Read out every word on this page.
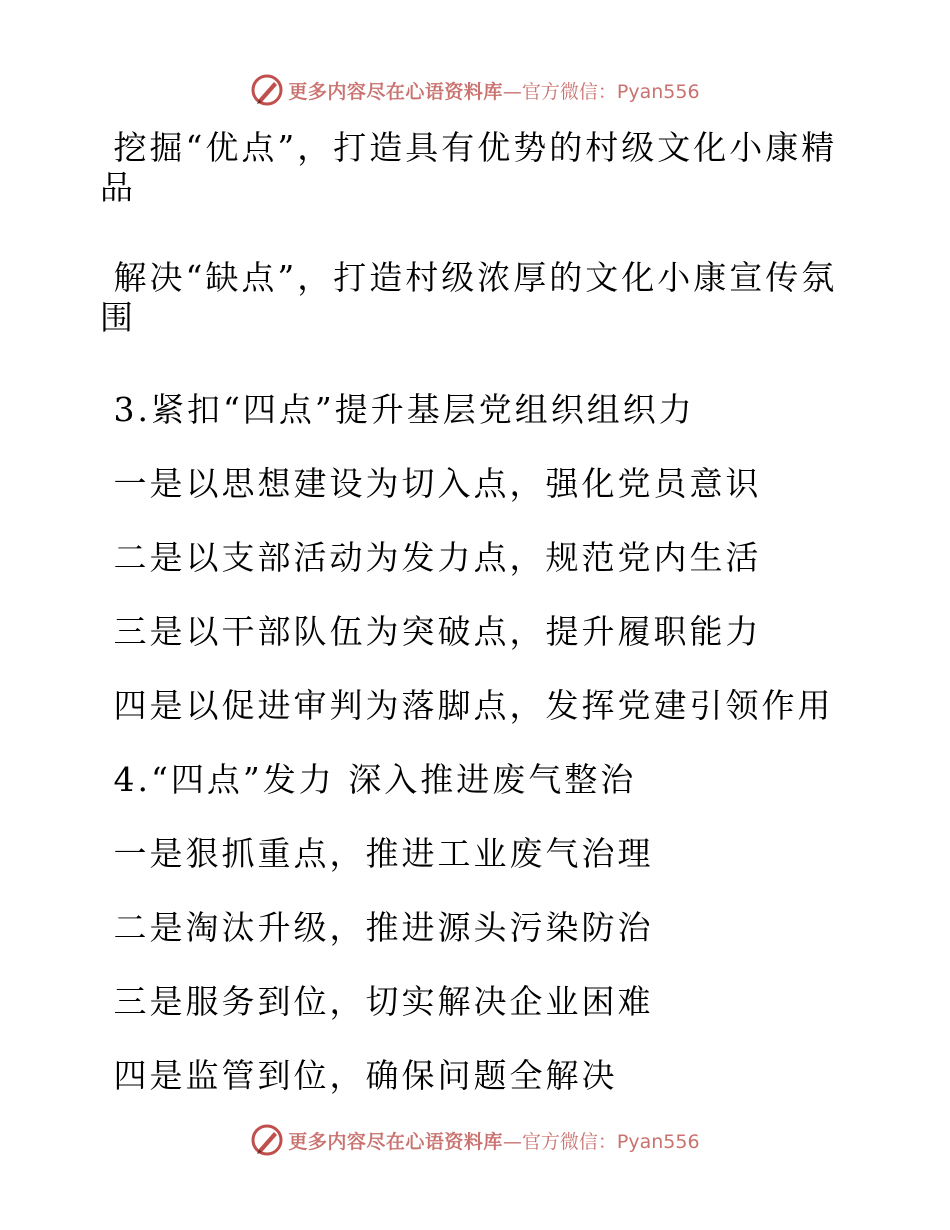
更多内容尽在心语资料库 —官方微信：Pyan556

挖掘“优点”，打造具有优势的村级文化小康精品

解决“缺点”，打造村级浓厚的文化小康宣传氛围

3.紧扣“四点”提升基层党组织组织力

一是以思想建设为切入点，强化党员意识

二是以支部活动为发力点，规范党内生活

三是以干部队伍为突破点，提升履职能力

四是以促进审判为落脚点，发挥党建引领作用

4.“四点”发力 深入推进废气整治

一是狠抓重点，推进工业废气治理

二是淘汰升级，推进源头污染防治

三是服务到位，切实解决企业困难

四是监管到位，确保问题全解决

更多内容尽在心语资料库 —官方微信：Pyan556
